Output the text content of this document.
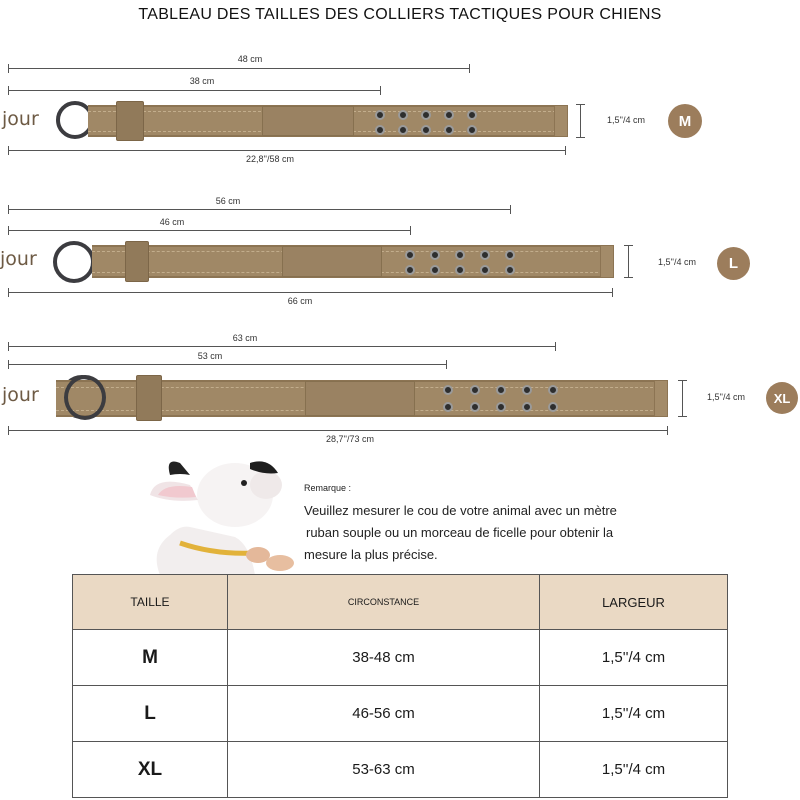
TABLEAU DES TAILLES DES COLLIERS TACTIQUES POUR CHIENS
48 cm
38 cm
jour	1,5''/4 cm	M
22,8''/58 cm
56 cm
46 cm
jour	1,5''/4 cm	L
66 cm
63 cm
53 cm
jour	1,5''/4 cm	XL
28,7''/73 cm
Remarque :
Veuillez mesurer le cou de votre animal avec un mètre
ruban souple ou un morceau de ficelle pour obtenir la
mesure la plus précise.
TAILLE	CIRCONSTANCE	LARGEUR
M	38-48 cm	1,5''/4 cm
L	46-56 cm	1,5''/4 cm
XL	53-63 cm	1,5''/4 cm
